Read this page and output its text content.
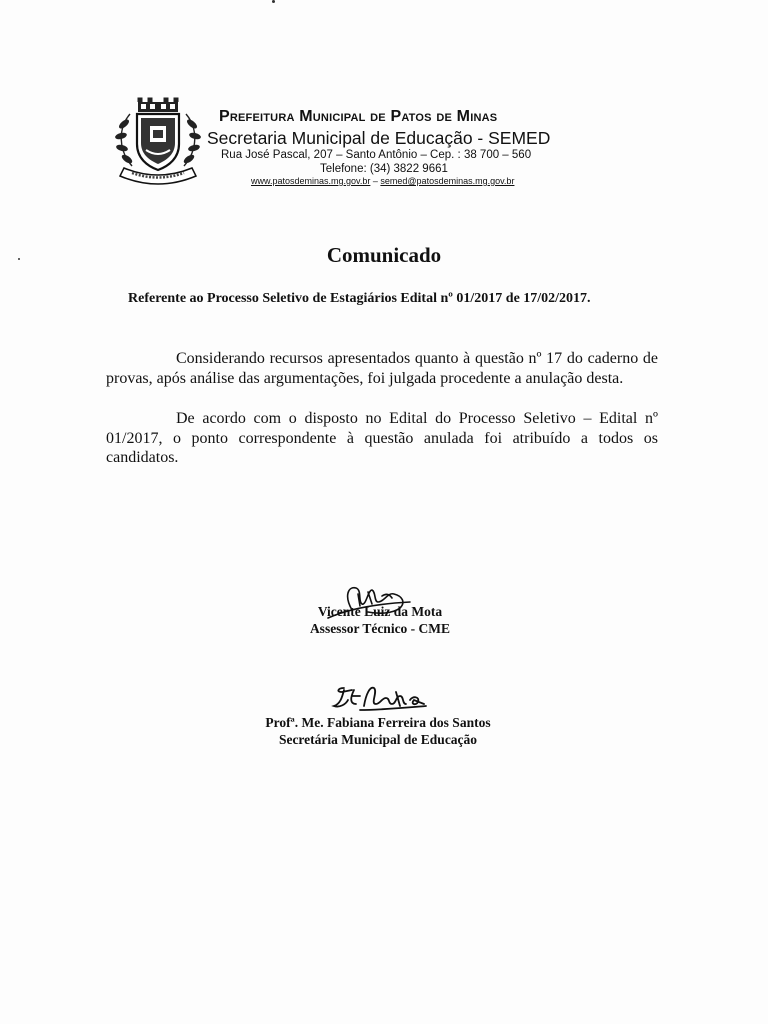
Prefeitura Municipal de Patos de Minas
Secretaria Municipal de Educação - SEMED
Rua José Pascal, 207 – Santo Antônio – Cep. : 38 700 – 560
Telefone: (34) 3822 9661
www.patosdeminas.mg.gov.br – semed@patosdeminas.mg.gov.br
Comunicado
Referente ao Processo Seletivo de Estagiários Edital nº 01/2017 de 17/02/2017.
Considerando recursos apresentados quanto à questão nº 17 do caderno de provas, após análise das argumentações, foi julgada procedente a anulação desta.
De acordo com o disposto no Edital do Processo Seletivo – Edital nº 01/2017, o ponto correspondente à questão anulada foi atribuído a todos os candidatos.
Vicente Luiz da Mota
Assessor Técnico - CME
Profª. Me. Fabiana Ferreira dos Santos
Secretária Municipal de Educação
